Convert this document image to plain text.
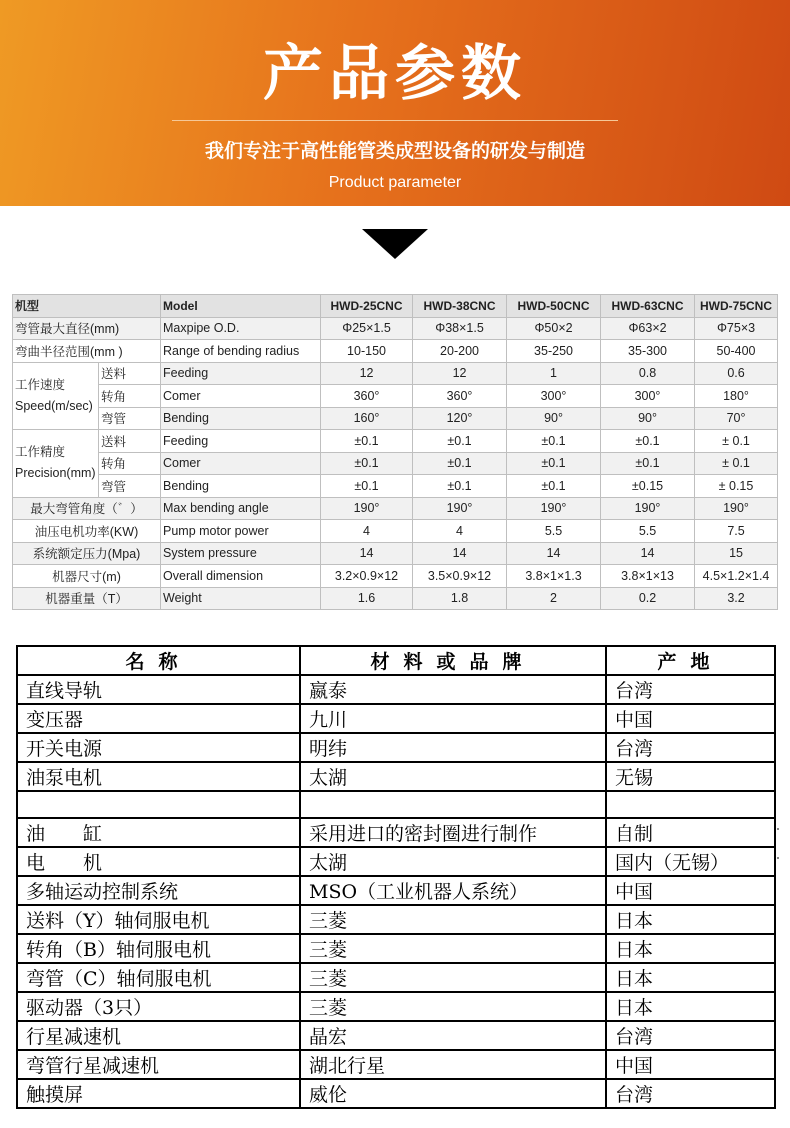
产品参数
我们专注于高性能管类成型设备的研发与制造
Product parameter
机型		Model	HWD-25CNC	HWD-38CNC	HWD-50CNC	HWD-63CNC	HWD-75CNC
弯管最大直径(mm)		Maxpipe O.D.	Φ25×1.5	Φ38×1.5	Φ50×2	Φ63×2	Φ75×3
弯曲半径范围(mm )		Range of bending radius	10-150	20-200	35-250	35-300	50-400
工作速度Speed(m/sec)	送料	Feeding	12	12	1	0.8	0.6
	转角	Comer	360°	360°	300°	300°	180°
	弯管	Bending	160°	120°	90°	90°	70°
工作精度Precision(mm)	送料	Feeding	±0.1	±0.1	±0.1	±0.1	± 0.1
	转角	Comer	±0.1	±0.1	±0.1	±0.1	± 0.1
	弯管	Bending	±0.1	±0.1	±0.1	±0.15	± 0.15
最大弯管角度（゛）		Max bending angle	190°	190°	190°	190°	190°
油压电机功率(KW)		Pump motor power	4	4	5.5	5.5	7.5
系统额定压力(Mpa)		System pressure	14	14	14	14	15
机器尺寸(m)		Overall dimension	3.2×0.9×12	3.5×0.9×12	3.8×1×1.3	3.8×1×13	4.5×1.2×1.4
机器重量（T）		Weight	1.6	1.8	2	0.2	3.2
名称	材料或品牌	产地
直线导轨	嬴泰	台湾
变压器	九川	中国
开关电源	明纬	台湾
油泵电机	太湖	无锡

油　　缸	采用进口的密封圈进行制作	自制
电　　机	太湖	国内（无锡）
多轴运动控制系统	MSO（工业机器人系统）	中国
送料（Y）轴伺服电机	三菱	日本
转角（B）轴伺服电机	三菱	日本
弯管（C）轴伺服电机	三菱	日本
驱动器（3只）	三菱	日本
行星减速机	晶宏	台湾
弯管行星减速机	湖北行星	中国
触摸屏	威伦	台湾
